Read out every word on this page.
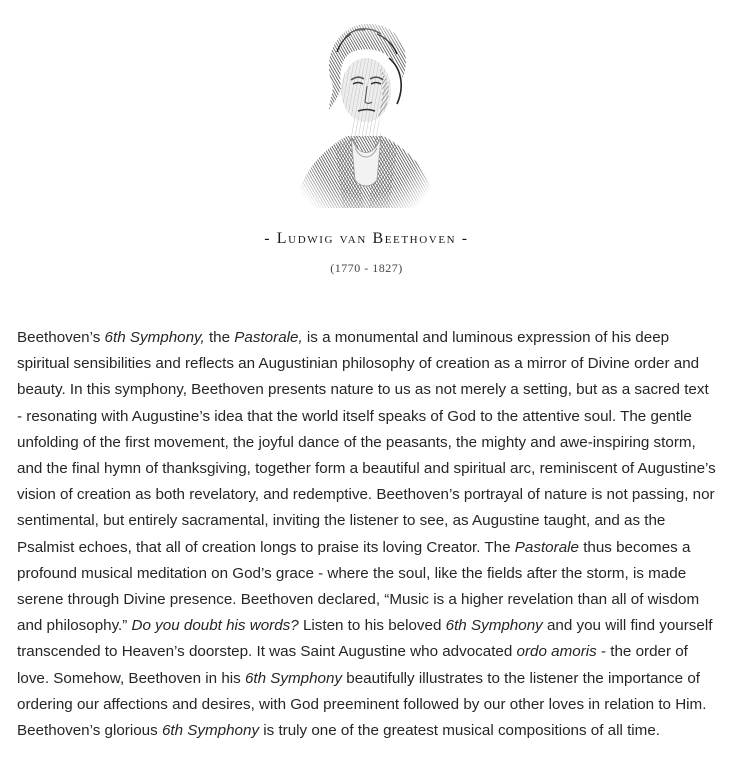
- Ludwig van Beethoven -
(1770 - 1827)

Beethoven’s 6th Symphony, the Pastorale, is a monumental and luminous expression of his deep spiritual sensibilities and reflects an Augustinian philosophy of creation as a mirror of Divine order and beauty. In this symphony, Beethoven presents nature to us as not merely a setting, but as a sacred text - resonating with Augustine’s idea that the world itself speaks of God to the attentive soul. The gentle unfolding of the first movement, the joyful dance of the peasants, the mighty and awe-inspiring storm, and the final hymn of thanksgiving, together form a beautiful and spiritual arc, reminiscent of Augustine’s vision of creation as both revelatory, and redemptive. Beethoven’s portrayal of nature is not passing, nor sentimental, but entirely sacramental, inviting the listener to see, as Augustine taught, and as the Psalmist echoes, that all of creation longs to praise its loving Creator. The Pastorale thus becomes a profound musical meditation on God’s grace - where the soul, like the fields after the storm, is made serene through Divine presence. Beethoven declared, “Music is a higher revelation than all of wisdom and philosophy.” Do you doubt his words? Listen to his beloved 6th Symphony and you will find yourself transcended to Heaven’s doorstep. It was Saint Augustine who advocated ordo amoris - the order of love. Somehow, Beethoven in his 6th Symphony beautifully illustrates to the listener the importance of ordering our affections and desires, with God preeminent followed by our other loves in relation to Him. Beethoven’s glorious 6th Symphony is truly one of the greatest musical compositions of all time.
